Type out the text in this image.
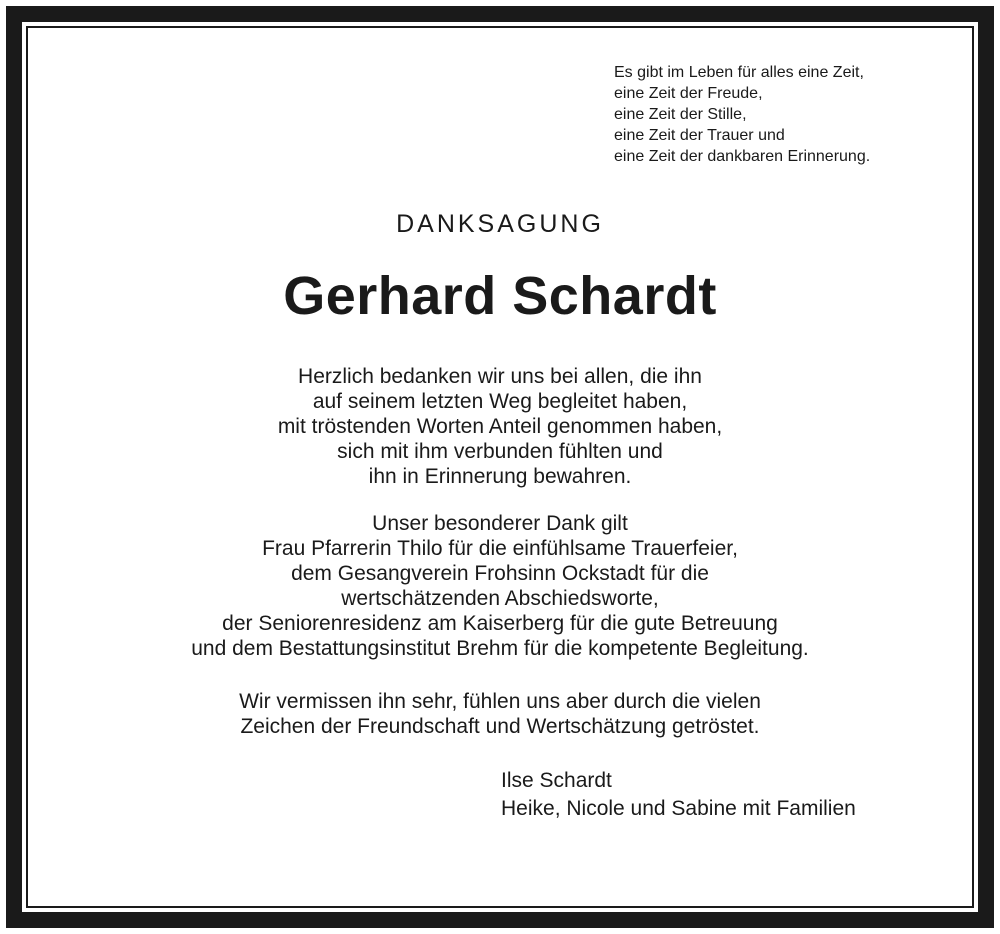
Es gibt im Leben für alles eine Zeit,
eine Zeit der Freude,
eine Zeit der Stille,
eine Zeit der Trauer und
eine Zeit der dankbaren Erinnerung.
DANKSAGUNG
Gerhard Schardt
Herzlich bedanken wir uns bei allen, die ihn
auf seinem letzten Weg begleitet haben,
mit tröstenden Worten Anteil genommen haben,
sich mit ihm verbunden fühlten und
ihn in Erinnerung bewahren.
Unser besonderer Dank gilt
Frau Pfarrerin Thilo für die einfühlsame Trauerfeier,
dem Gesangverein Frohsinn Ockstadt für die
wertschätzenden Abschiedsworte,
der Seniorenresidenz am Kaiserberg für die gute Betreuung
und dem Bestattungsinstitut Brehm für die kompetente Begleitung.
Wir vermissen ihn sehr, fühlen uns aber durch die vielen
Zeichen der Freundschaft und Wertschätzung getröstet.
Ilse Schardt
Heike, Nicole und Sabine mit Familien
